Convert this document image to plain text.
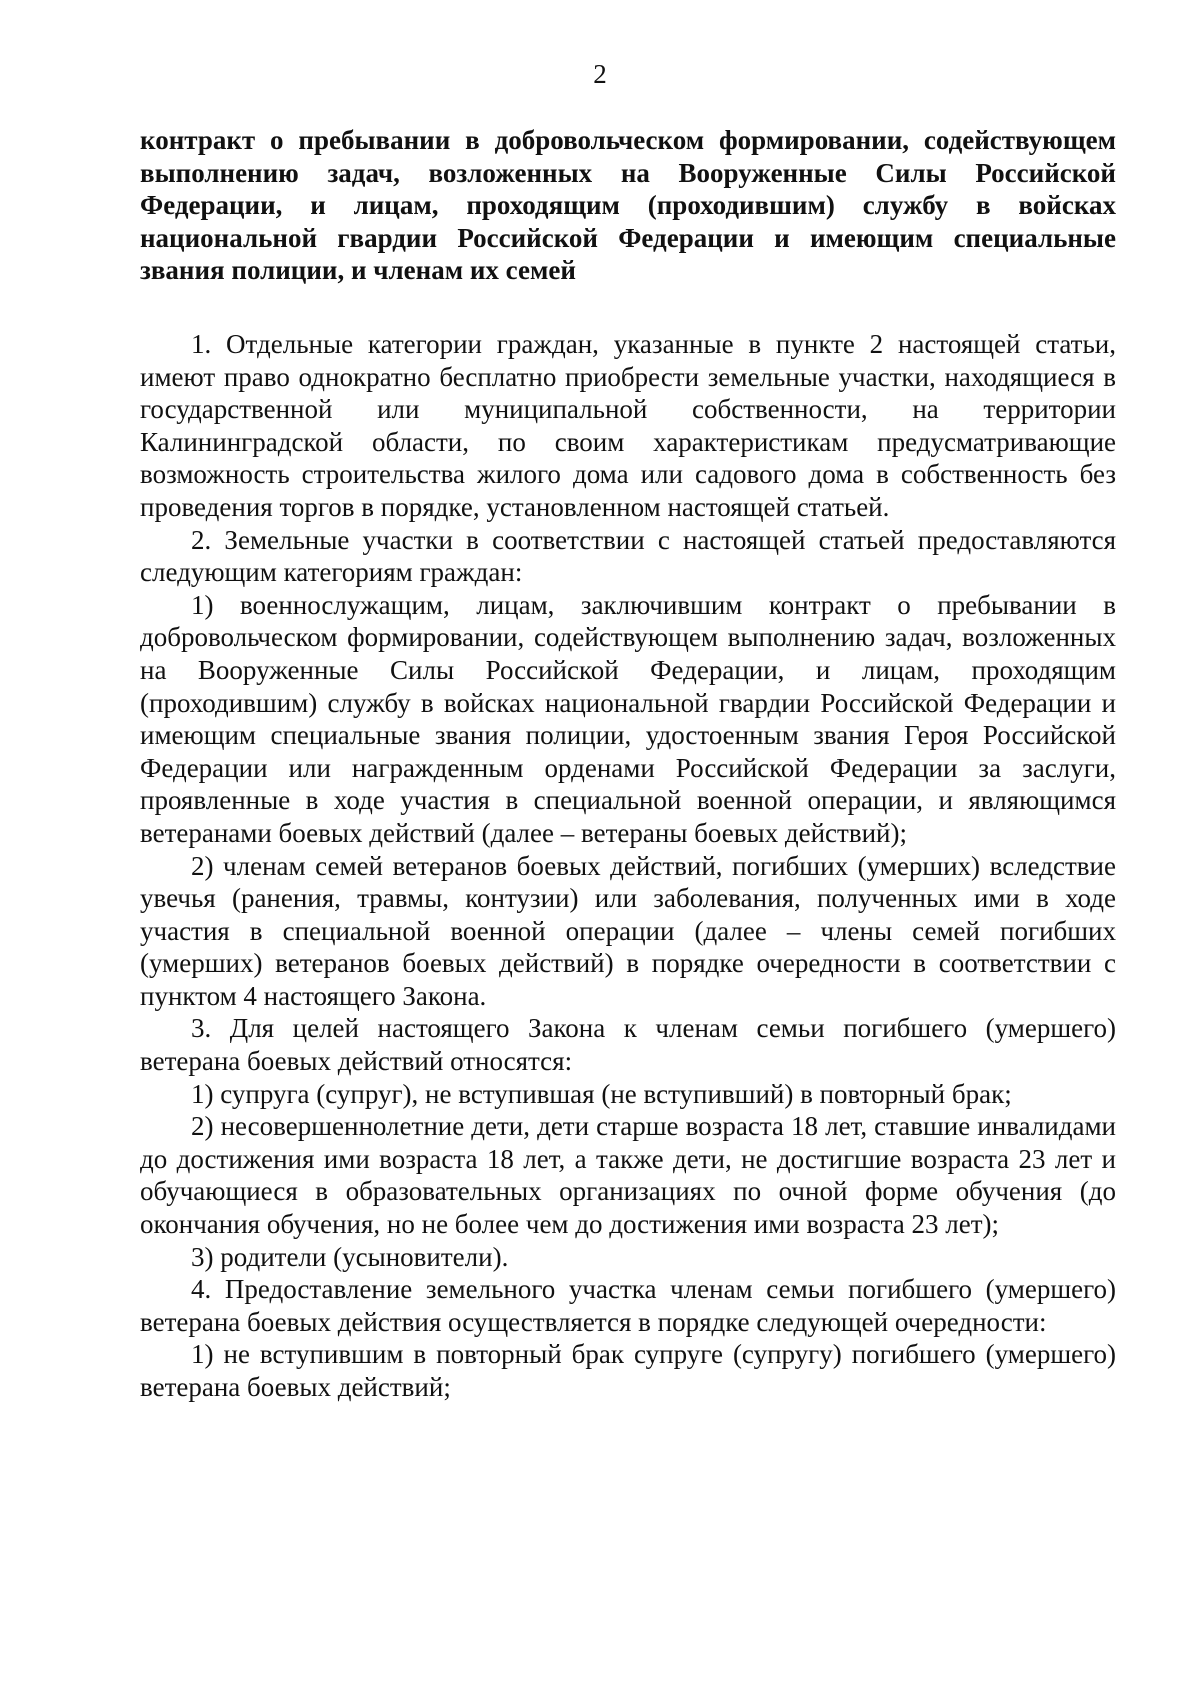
2

контракт о пребывании в добровольческом формировании, содействующем выполнению задач, возложенных на Вооруженные Силы Российской Федерации, и лицам, проходящим (проходившим) службу в войсках национальной гвардии Российской Федерации и имеющим специальные звания полиции, и членам их семей

1. Отдельные категории граждан, указанные в пункте 2 настоящей статьи, имеют право однократно бесплатно приобрести земельные участки, находящиеся в государственной или муниципальной собственности, на территории Калининградской области, по своим характеристикам предусматривающие возможность строительства жилого дома или садового дома в собственность без проведения торгов в порядке, установленном настоящей статьей.

2. Земельные участки в соответствии с настоящей статьей предоставляются следующим категориям граждан:

1) военнослужащим, лицам, заключившим контракт о пребывании в добровольческом формировании, содействующем выполнению задач, возложенных на Вооруженные Силы Российской Федерации, и лицам, проходящим (проходившим) службу в войсках национальной гвардии Российской Федерации и имеющим специальные звания полиции, удостоенным звания Героя Российской Федерации или награжденным орденами Российской Федерации за заслуги, проявленные в ходе участия в специальной военной операции, и являющимся ветеранами боевых действий (далее – ветераны боевых действий);

2) членам семей ветеранов боевых действий, погибших (умерших) вследствие увечья (ранения, травмы, контузии) или заболевания, полученных ими в ходе участия в специальной военной операции (далее – члены семей погибших (умерших) ветеранов боевых действий) в порядке очередности в соответствии с пунктом 4 настоящего Закона.

3. Для целей настоящего Закона к членам семьи погибшего (умершего) ветерана боевых действий относятся:

1) супруга (супруг), не вступившая (не вступивший) в повторный брак;

2) несовершеннолетние дети, дети старше возраста 18 лет, ставшие инвалидами до достижения ими возраста 18 лет, а также дети, не достигшие возраста 23 лет и обучающиеся в образовательных организациях по очной форме обучения (до окончания обучения, но не более чем до достижения ими возраста 23 лет);

3) родители (усыновители).

4. Предоставление земельного участка членам семьи погибшего (умершего) ветерана боевых действия осуществляется в порядке следующей очередности:

1) не вступившим в повторный брак супруге (супругу) погибшего (умершего) ветерана боевых действий;
